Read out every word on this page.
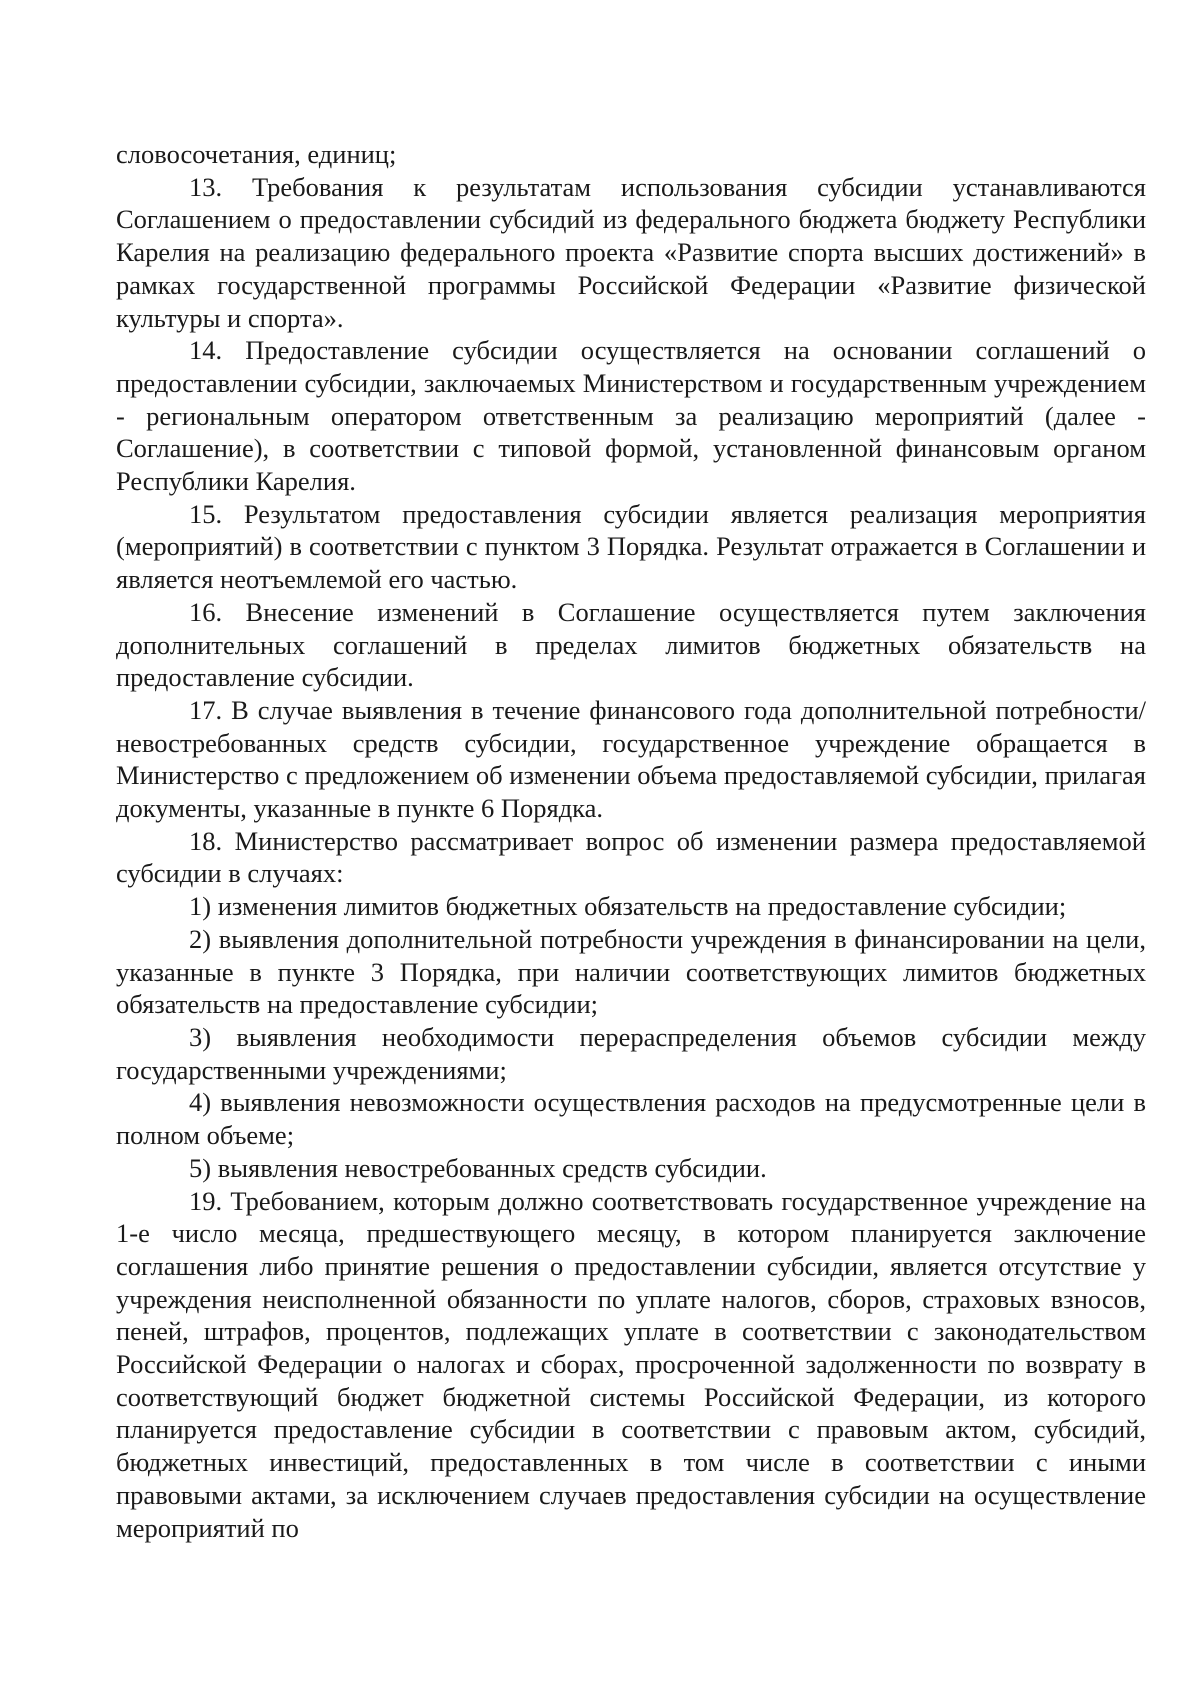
словосочетания, единиц;

13. Требования к результатам использования субсидии устанавливаются Соглашением о предоставлении субсидий из федерального бюджета бюджету Республики Карелия на реализацию федерального проекта «Развитие спорта высших достижений» в рамках государственной программы Российской Федерации «Развитие физической культуры и спорта».

14. Предоставление субсидии осуществляется на основании соглашений о предоставлении субсидии, заключаемых Министерством и государственным учреждением - региональным оператором ответственным за реализацию мероприятий (далее - Соглашение), в соответствии с типовой формой, установленной финансовым органом Республики Карелия.

15. Результатом предоставления субсидии является реализация мероприятия (мероприятий) в соответствии с пунктом 3 Порядка. Результат отражается в Соглашении и является неотъемлемой его частью.

16. Внесение изменений в Соглашение осуществляется путем заключения дополнительных соглашений в пределах лимитов бюджетных обязательств на предоставление субсидии.

17. В случае выявления в течение финансового года дополнительной потребности/невостребованных средств субсидии, государственное учреждение обращается в Министерство с предложением об изменении объема предоставляемой субсидии, прилагая документы, указанные в пункте 6 Порядка.

18. Министерство рассматривает вопрос об изменении размера предоставляемой субсидии в случаях:

1) изменения лимитов бюджетных обязательств на предоставление субсидии;

2) выявления дополнительной потребности учреждения в финансировании на цели, указанные в пункте 3 Порядка, при наличии соответствующих лимитов бюджетных обязательств на предоставление субсидии;

3) выявления необходимости перераспределения объемов субсидии между государственными учреждениями;

4) выявления невозможности осуществления расходов на предусмотренные цели в полном объеме;

5) выявления невостребованных средств субсидии.

19. Требованием, которым должно соответствовать государственное учреждение на 1-е число месяца, предшествующего месяцу, в котором планируется заключение соглашения либо принятие решения о предоставлении субсидии, является отсутствие у учреждения неисполненной обязанности по уплате налогов, сборов, страховых взносов, пеней, штрафов, процентов, подлежащих уплате в соответствии с законодательством Российской Федерации о налогах и сборах, просроченной задолженности по возврату в соответствующий бюджет бюджетной системы Российской Федерации, из которого планируется предоставление субсидии в соответствии с правовым актом, субсидий, бюджетных инвестиций, предоставленных в том числе в соответствии с иными правовыми актами, за исключением случаев предоставления субсидии на осуществление мероприятий по
